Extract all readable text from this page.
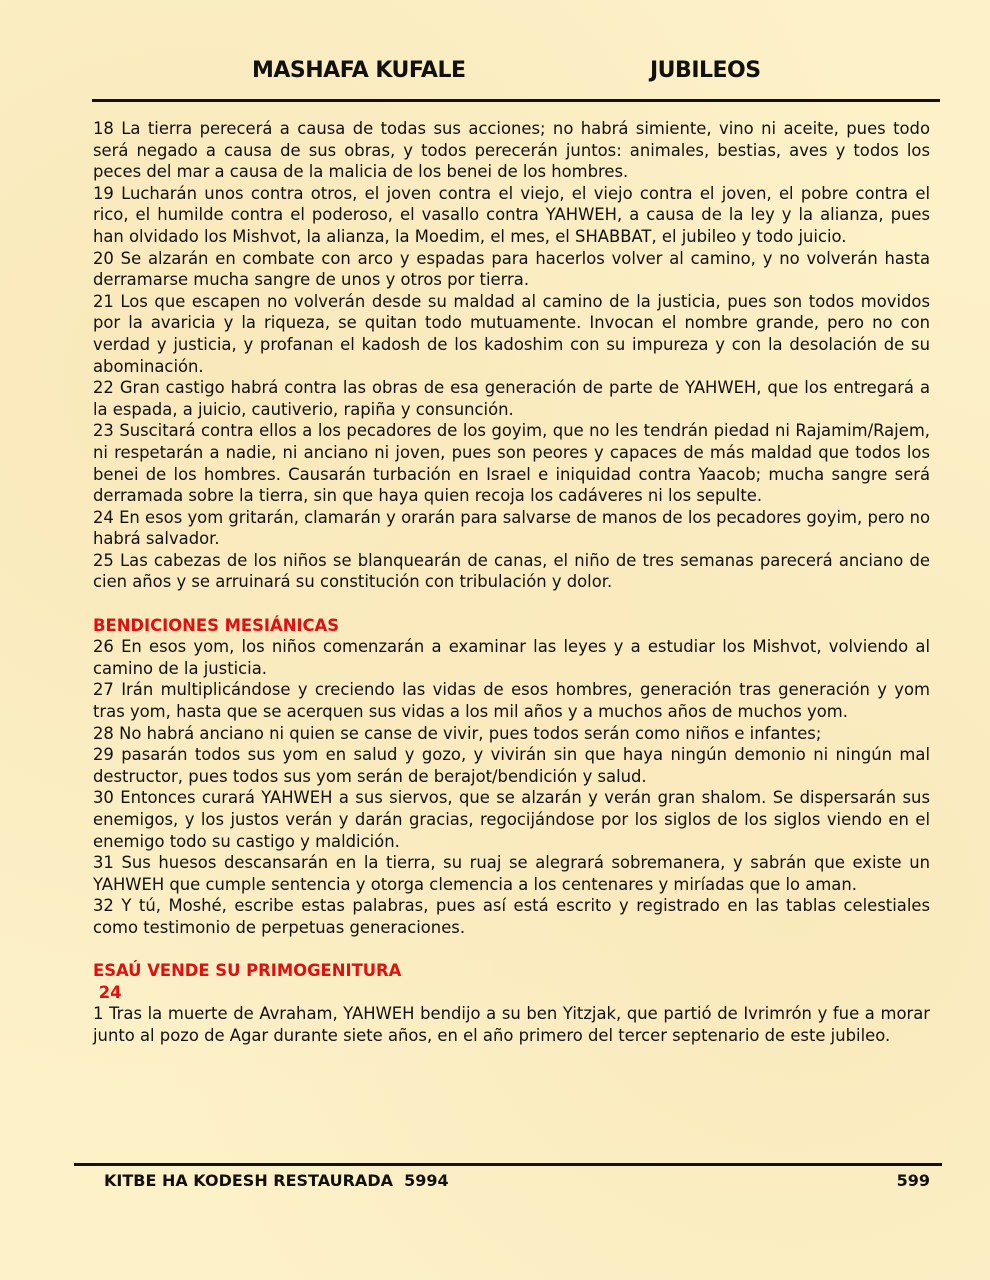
MASHAFA KUFALE	JUBILEOS

18 La tierra perecerá a causa de todas sus acciones; no habrá simiente, vino ni aceite, pues todo será negado a causa de sus obras, y todos perecerán juntos: animales, bestias, aves y todos los peces del mar a causa de la malicia de los benei de los hombres.

19 Lucharán unos contra otros, el joven contra el viejo, el viejo contra el joven, el pobre contra el rico, el humilde contra el poderoso, el vasallo contra YAHWEH, a causa de la ley y la alianza, pues han olvidado los Mishvot, la alianza, la Moedim, el mes, el SHABBAT, el jubileo y todo juicio.

20 Se alzarán en combate con arco y espadas para hacerlos volver al camino, y no volverán hasta derramarse mucha sangre de unos y otros por tierra.

21 Los que escapen no volverán desde su maldad al camino de la justicia, pues son todos movidos por la avaricia y la riqueza, se quitan todo mutuamente. Invocan el nombre grande, pero no con verdad y justicia, y profanan el kadosh de los kadoshim con su impureza y con la desolación de su abominación.

22 Gran castigo habrá contra las obras de esa generación de parte de YAHWEH, que los entregará a la espada, a juicio, cautiverio, rapiña y consunción.

23 Suscitará contra ellos a los pecadores de los goyim, que no les tendrán piedad ni Rajamim/Rajem, ni respetarán a nadie, ni anciano ni joven, pues son peores y capaces de más maldad que todos los benei de los hombres. Causarán turbación en Israel e iniquidad contra Yaacob; mucha sangre será derramada sobre la tierra, sin que haya quien recoja los cadáveres ni los sepulte.

24 En esos yom gritarán, clamarán y orarán para salvarse de manos de los pecadores goyim, pero no habrá salvador.

25 Las cabezas de los niños se blanquearán de canas, el niño de tres semanas parecerá anciano de cien años y se arruinará su constitución con tribulación y dolor.

BENDICIONES MESIÁNICAS

26 En esos yom, los niños comenzarán a examinar las leyes y a estudiar los Mishvot, volviendo al camino de la justicia.

27 Irán multiplicándose y creciendo las vidas de esos hombres, generación tras generación y yom tras yom, hasta que se acerquen sus vidas a los mil años y a muchos años de muchos yom.

28 No habrá anciano ni quien se canse de vivir, pues todos serán como niños e infantes;

29 pasarán todos sus yom en salud y gozo, y vivirán sin que haya ningún demonio ni ningún mal destructor, pues todos sus yom serán de berajot/bendición y salud.

30 Entonces curará YAHWEH a sus siervos, que se alzarán y verán gran shalom. Se dispersarán sus enemigos, y los justos verán y darán gracias, regocijándose por los siglos de los siglos viendo en el enemigo todo su castigo y maldición.

31 Sus huesos descansarán en la tierra, su ruaj se alegrará sobremanera, y sabrán que existe un YAHWEH que cumple sentencia y otorga clemencia a los centenares y miríadas que lo aman.

32 Y tú, Moshé, escribe estas palabras, pues así está escrito y registrado en las tablas celestiales como testimonio de perpetuas generaciones.

ESAÚ VENDE SU PRIMOGENITURA

24

1 Tras la muerte de Avraham, YAHWEH bendijo a su ben Yitzjak, que partió de Ivrimrón y fue a morar junto al pozo de Agar durante siete años, en el año primero del tercer septenario de este jubileo.

KITBE HA KODESH RESTAURADA  5994	599
